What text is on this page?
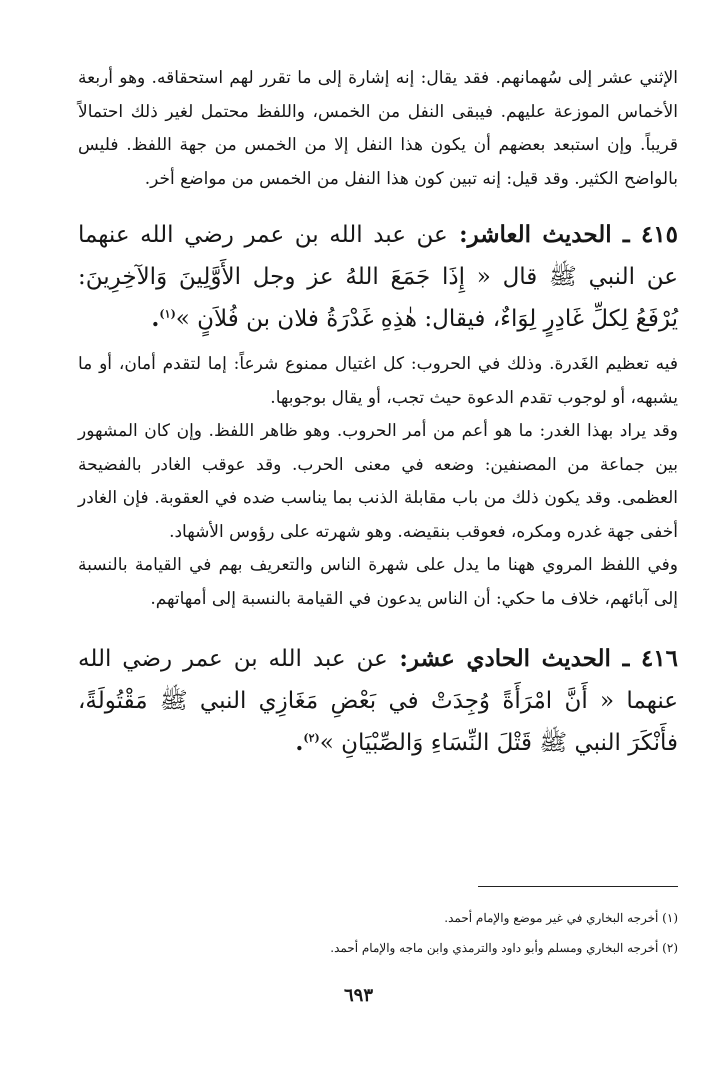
الإثني عشر إلى سُهمانهم. فقد يقال: إنه إشارة إلى ما تقرر لهم استحقاقه. وهو أربعة الأخماس الموزعة عليهم. فيبقى النفل من الخمس، واللفظ محتمل لغير ذلك احتمالاً قريباً. وإن استبعد بعضهم أن يكون هذا النفل إلا من الخمس من جهة اللفظ. فليس بالواضح الكثير. وقد قيل: إنه تبين كون هذا النفل من الخمس من مواضع أخر.

٤١٥ ـ الحديث العاشر: عن عبد الله بن عمر رضي الله عنهما عن النبي ﷺ قال « إِذَا جَمَعَ اللهُ عز وجل الأَوَّلِينَ وَالآخِرِينَ: يُرْفَعُ لِكلِّ غَادِرٍ لِوَاءٌ، فيقال: هٰذِهِ غَدْرَةُ فلان بن فُلاَنٍ »$^{(١)}$.

فيه تعظيم الغَدرة. وذلك في الحروب: كل اغتيال ممنوع شرعاً: إما لتقدم أمان، أو ما يشبهه، أو لوجوب تقدم الدعوة حيث تجب، أو يقال بوجوبها.

وقد يراد بهذا الغدر: ما هو أعم من أمر الحروب. وهو ظاهر اللفظ. وإن كان المشهور بين جماعة من المصنفين: وضعه في معنى الحرب. وقد عوقب الغادر بالفضيحة العظمى. وقد يكون ذلك من باب مقابلة الذنب بما يناسب ضده في العقوبة. فإن الغادر أخفى جهة غدره ومكره، فعوقب بنقيضه. وهو شهرته على رؤوس الأشهاد.

وفي اللفظ المروي ههنا ما يدل على شهرة الناس والتعريف بهم في القيامة بالنسبة إلى آبائهم، خلاف ما حكي: أن الناس يدعون في القيامة بالنسبة إلى أمهاتهم.

٤١٦ ـ الحديث الحادي عشر: عن عبد الله بن عمر رضي الله عنهما « أَنَّ امْرَأَةً وُجِدَتْ في بَعْضِ مَغَازِي النبي ﷺ مَقْتُولَةً، فأَنْكَرَ النبي ﷺ قَتْلَ النِّسَاءِ وَالصِّبْيَانِ »$^{(٢)}$.

(١) أخرجه البخاري في غير موضع والإمام أحمد.

(٢) أخرجه البخاري ومسلم وأبو داود والترمذي وابن ماجه والإمام أحمد.

٦٩٣
